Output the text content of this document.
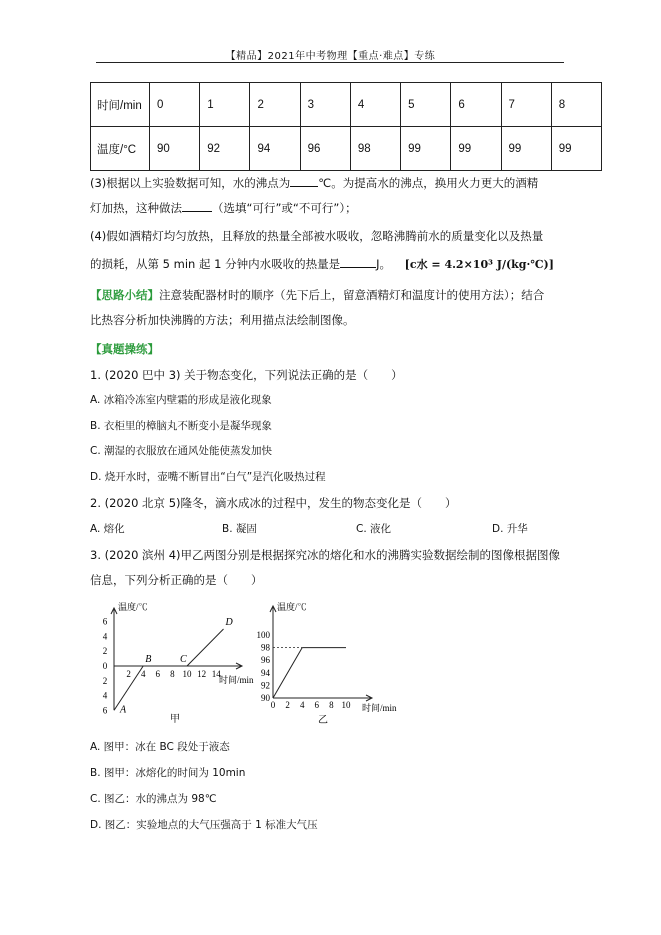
【精品】2021年中考物理【重点·难点】专练
时间/min	0	1	2	3	4	5	6	7	8
温度/°C	90	92	94	96	98	99	99	99	99
(3)根据以上实验数据可知，水的沸点为 ℃。为提高水的沸点，换用火力更大的酒精
灯加热，这种做法	（选填“可行”或“不可行”）；
(4)假如酒精灯均匀放热，且释放的热量全部被水吸收，忽略沸腾前水的质量变化以及热量
的损耗，从第 5 min 起 1 分钟内水吸收的热量是	J。 [c水 = 4.2×10³ J/(kg·℃)]
【思路小结】注意装配器材时的顺序（先下后上，留意酒精灯和温度计的使用方法）；结合
比热容分析加快沸腾的方法；利用描点法绘制图像。
【真题操练】
1. (2020 巴中 3) 关于物态变化，下列说法正确的是（　　）
A. 冰箱冷冻室内壁霜的形成是液化现象
B. 衣柜里的樟脑丸不断变小是凝华现象
C. 潮湿的衣服放在通风处能使蒸发加快
D. 烧开水时，壶嘴不断冒出“白气”是汽化吸热过程
2. (2020 北京 5)隆冬，滴水成冰的过程中，发生的物态变化是（　　）
A. 熔化	B. 凝固	C. 液化	D. 升华
3. (2020 滨州 4)甲乙两图分别是根据探究冰的熔化和水的沸腾实验数据绘制的图像根据图像
信息，下列分析正确的是（　　）
温度/℃
时间/min
6
4
2
0
2
4
6
2 4 6 8 10 12 14
A
B	C
D
甲
温度/℃
时间/min
90
92
94
96
98
100
0 2 4 6 8 10
乙
A. 图甲：冰在 BC 段处于液态
B. 图甲：冰熔化的时间为 10min
C. 图乙：水的沸点为 98℃
D. 图乙：实验地点的大气压强高于 1 标准大气压
